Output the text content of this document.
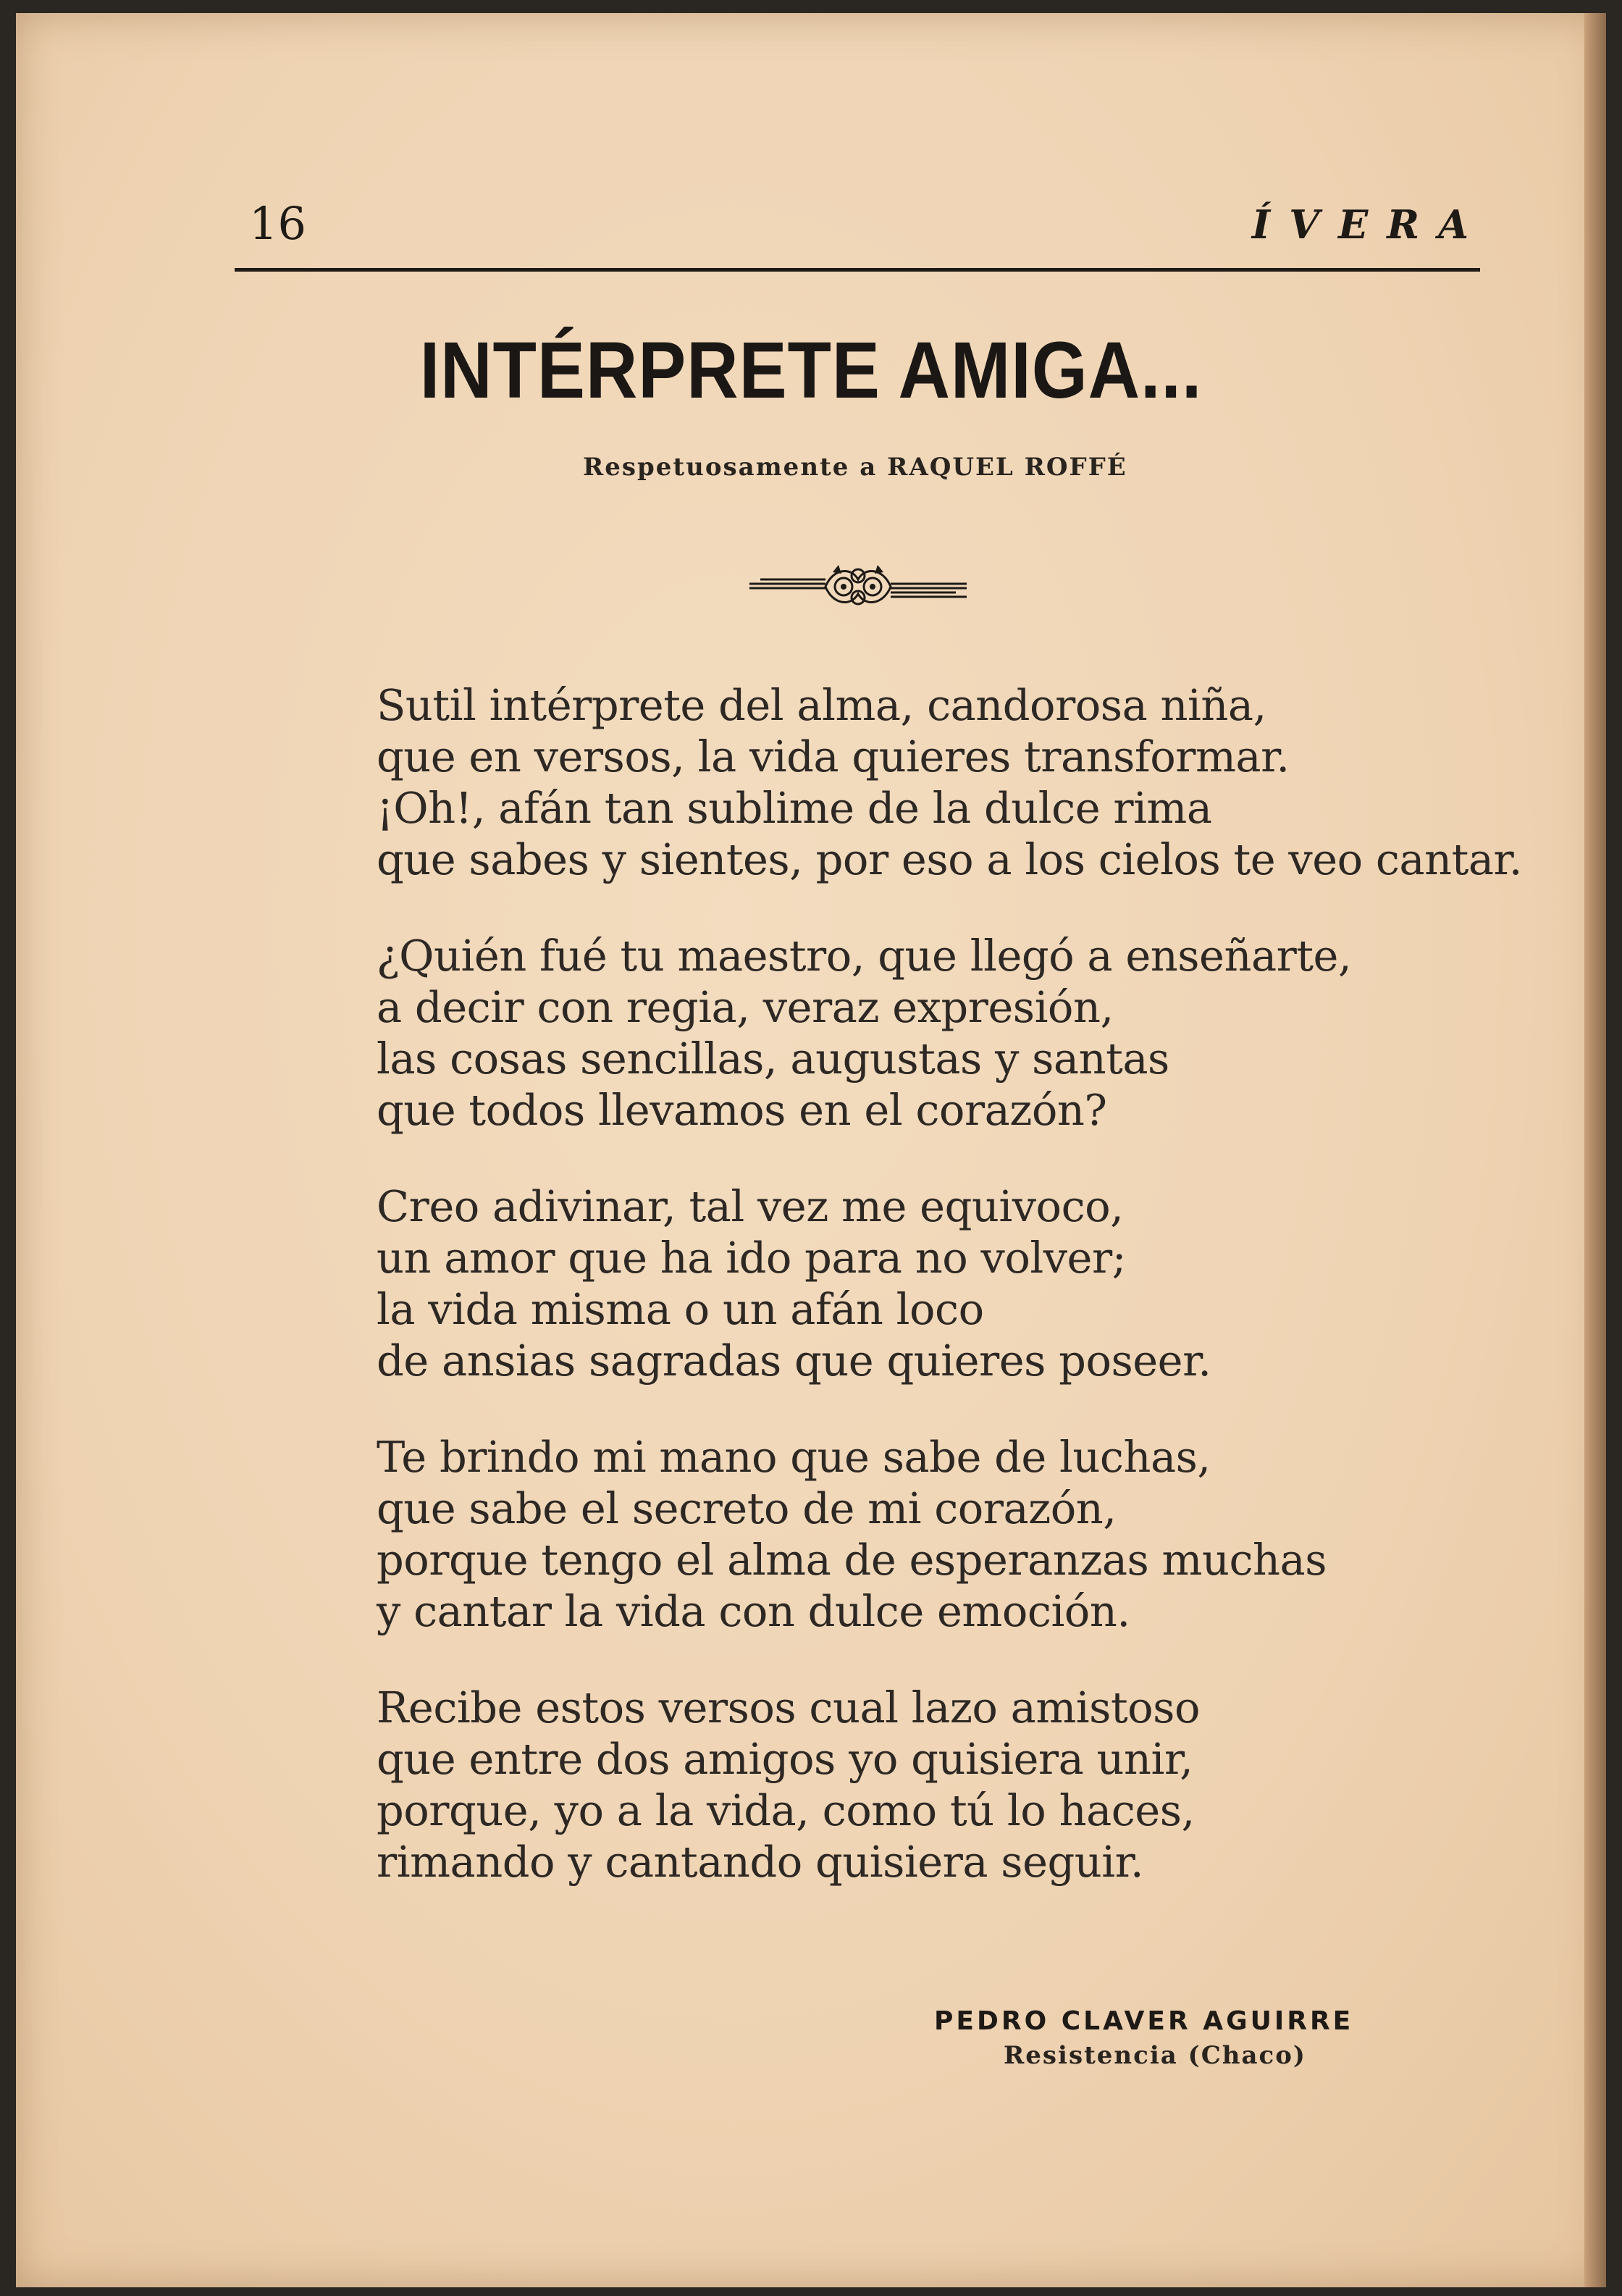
16	ÍVERA
INTÉRPRETE AMIGA...
Respetuosamente a RAQUEL ROFFÉ
Sutil intérprete del alma, candorosa niña,
que en versos, la vida quieres transformar.
¡Oh!, afán tan sublime de la dulce rima
que sabes y sientes, por eso a los cielos te veo cantar.
¿Quién fué tu maestro, que llegó a enseñarte,
a decir con regia, veraz expresión,
las cosas sencillas, augustas y santas
que todos llevamos en el corazón?
Creo adivinar, tal vez me equivoco,
un amor que ha ido para no volver;
la vida misma o un afán loco
de ansias sagradas que quieres poseer.
Te brindo mi mano que sabe de luchas,
que sabe el secreto de mi corazón,
porque tengo el alma de esperanzas muchas
y cantar la vida con dulce emoción.
Recibe estos versos cual lazo amistoso
que entre dos amigos yo quisiera unir,
porque, yo a la vida, como tú lo haces,
rimando y cantando quisiera seguir.
PEDRO CLAVER AGUIRRE
Resistencia (Chaco)
